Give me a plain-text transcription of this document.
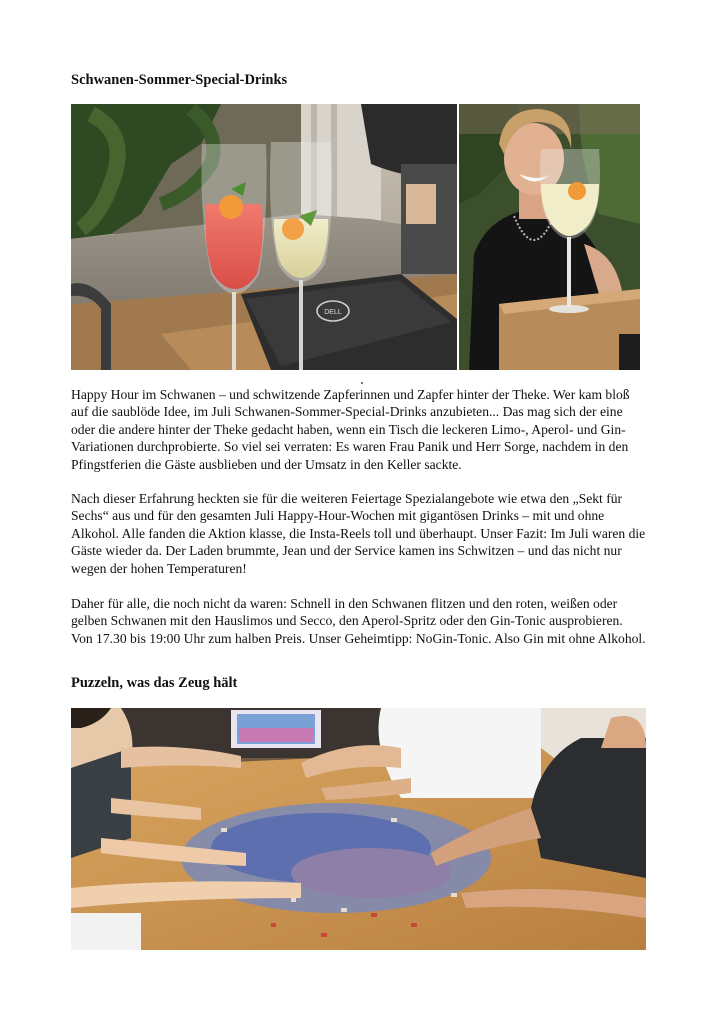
Schwanen-Sommer-Special-Drinks
DELL

Happy Hour im Schwanen – und schwitzende Zapferinnen und Zapfer hinter der Theke. Wer kam bloß auf die saublöde Idee, im Juli Schwanen-Sommer-Special-Drinks anzubieten... Das mag sich der eine oder die andere hinter der Theke gedacht haben, wenn ein Tisch die leckeren Limo-, Aperol- und Gin-Variationen durchprobierte. So viel sei verraten: Es waren Frau Panik und Herr Sorge, nachdem in den Pfingstferien die Gäste ausblieben und der Umsatz in den Keller sackte.

Nach dieser Erfahrung heckten sie für die weiteren Feiertage Spezialangebote wie etwa den „Sekt für Sechs“ aus und für den gesamten Juli Happy-Hour-Wochen mit gigantösen Drinks – mit und ohne Alkohol. Alle fanden die Aktion klasse, die Insta-Reels toll und überhaupt. Unser Fazit: Im Juli waren die Gäste wieder da. Der Laden brummte, Jean und der Service kamen ins Schwitzen – und das nicht nur wegen der hohen Temperaturen!

Daher für alle, die noch nicht da waren: Schnell in den Schwanen flitzen und den roten, weißen oder gelben Schwanen mit den Hauslimos und Secco, den Aperol-Spritz oder den Gin-Tonic ausprobieren. Von 17.30 bis 19:00 Uhr zum halben Preis. Unser Geheimtipp: NoGin-Tonic. Also Gin mit ohne Alkohol.

Puzzeln, was das Zeug hält
